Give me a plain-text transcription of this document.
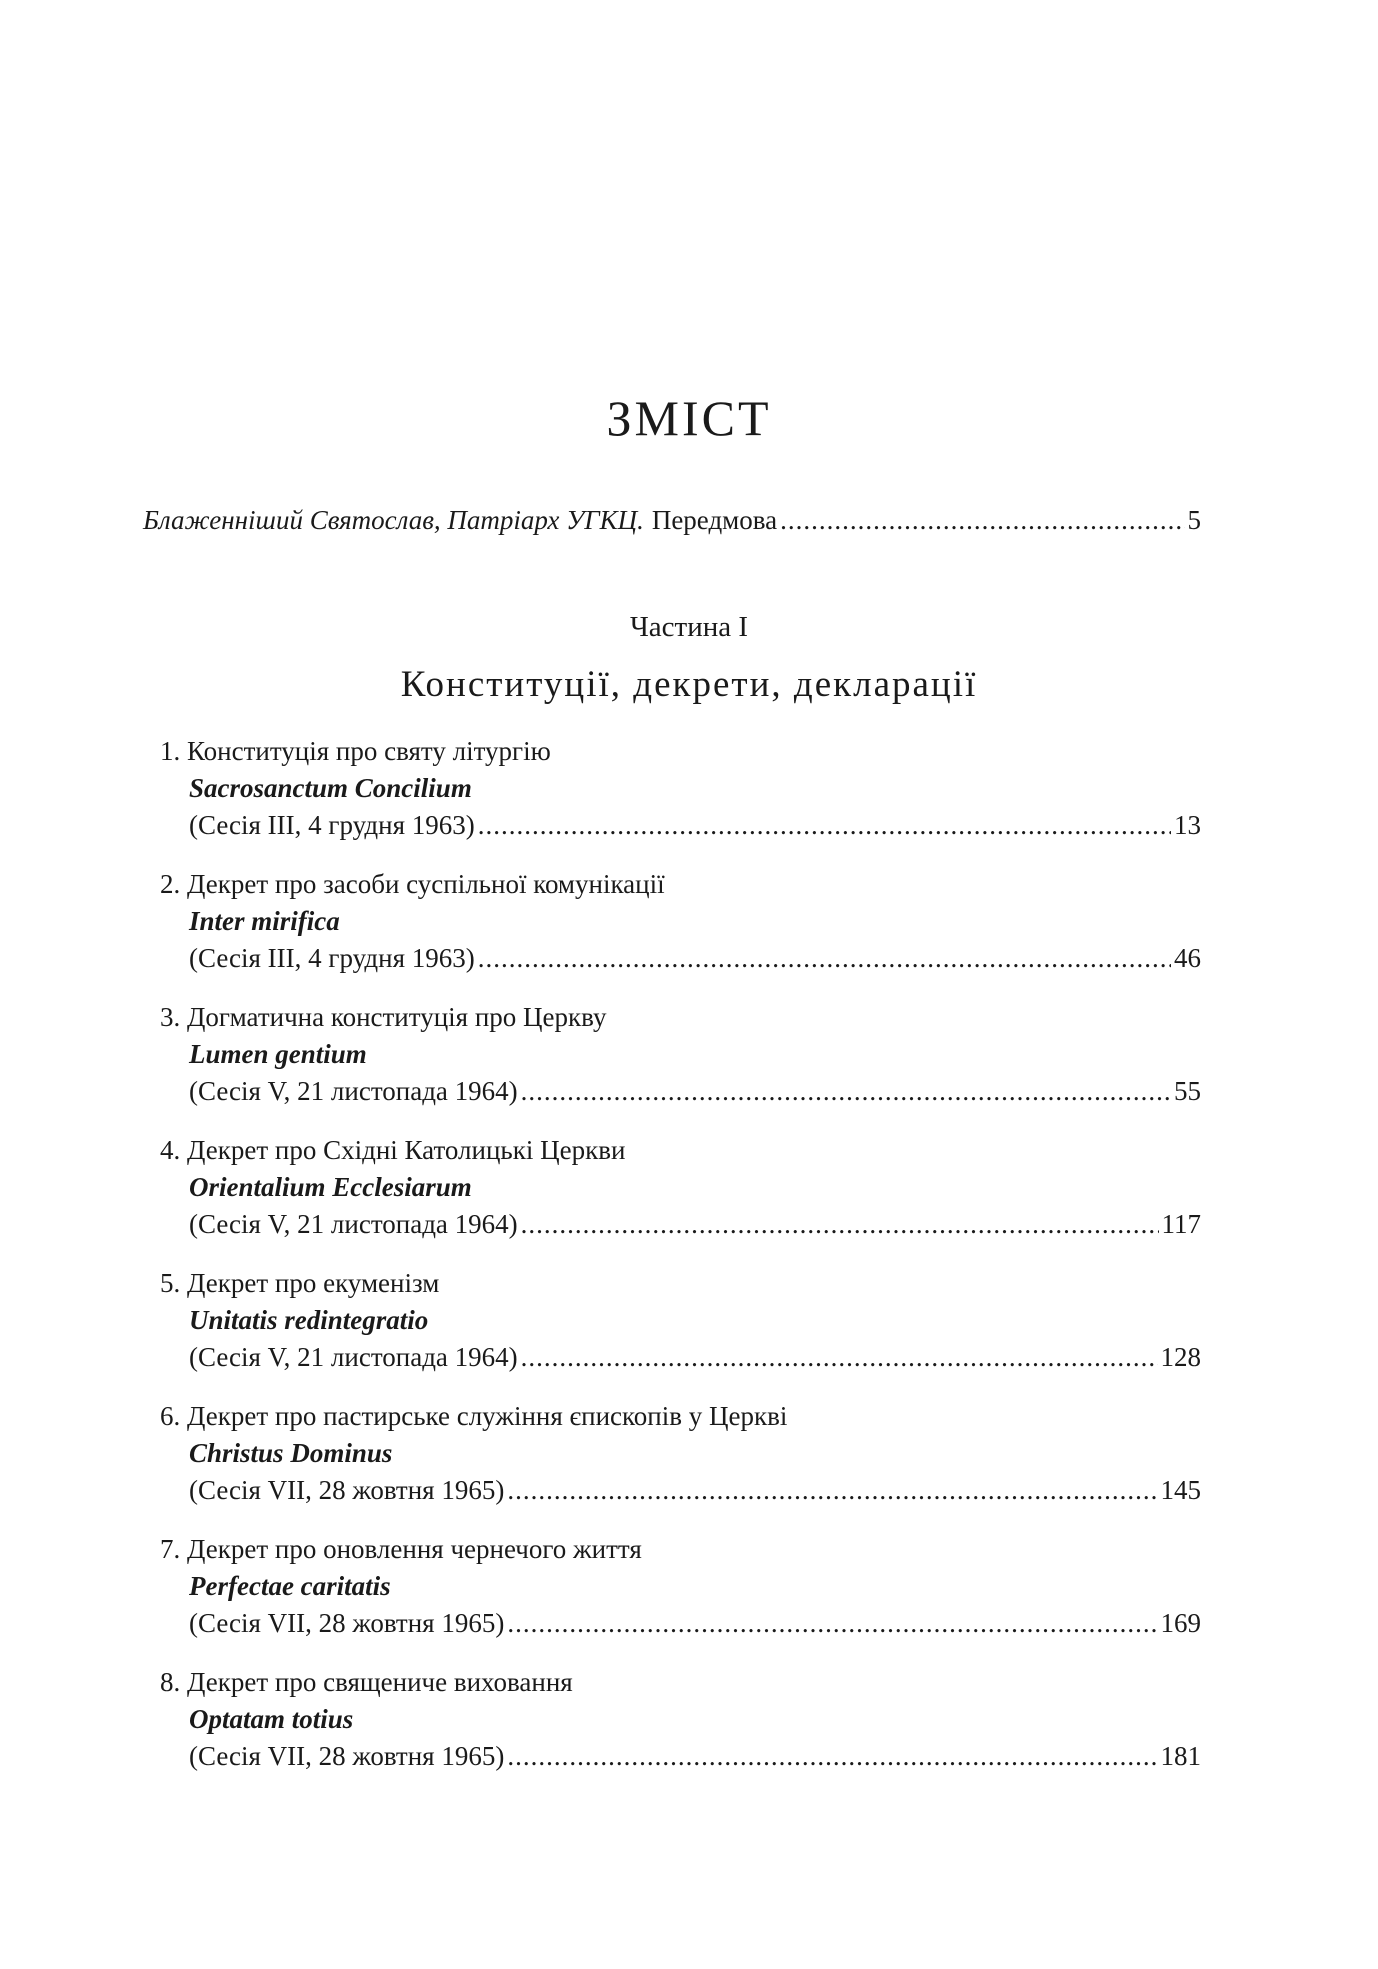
ЗМІСТ
Блаженніший Святослав, Патріарх УГКЦ. Передмова .....	5
Частина I
Конституції, декрети, декларації
1. Конституція про святу літургію
Sacrosanctum Concilium
(Сесія III, 4 грудня 1963) .....	13
2. Декрет про засоби суспільної комунікації
Inter mirifica
(Сесія III, 4 грудня 1963) .....	46
3. Догматична конституція про Церкву
Lumen gentium
(Сесія V, 21 листопада 1964) .....	55
4. Декрет про Східні Католицькі Церкви
Orientalium Ecclesiarum
(Сесія V, 21 листопада 1964) .....	117
5. Декрет про екуменізм
Unitatis redintegratio
(Сесія V, 21 листопада 1964) .....	128
6. Декрет про пастирське служіння єпископів у Церкві
Christus Dominus
(Сесія VII, 28 жовтня 1965) .....	145
7. Декрет про оновлення чернечого життя
Perfectae caritatis
(Сесія VII, 28 жовтня 1965) .....	169
8. Декрет про священиче виховання
Optatam totius
(Сесія VII, 28 жовтня 1965) .....	181
